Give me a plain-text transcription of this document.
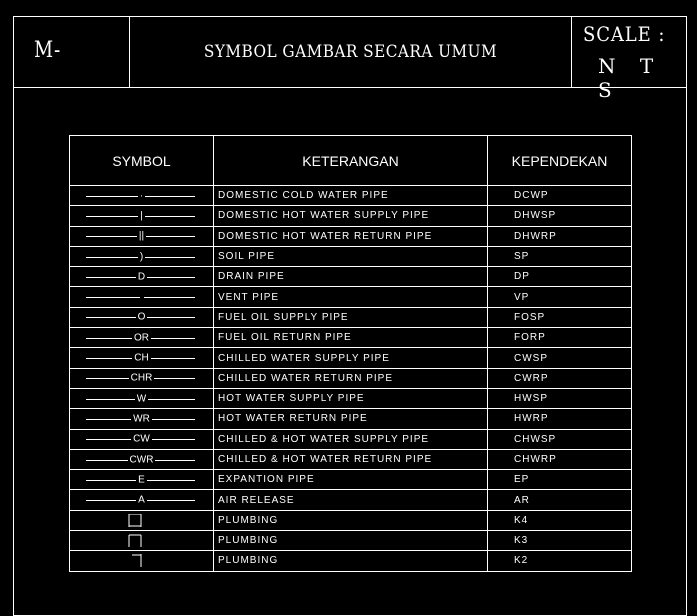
M-	SYMBOL GAMBAR SECARA UMUM
SCALE :
N T S
SYMBOL	KETERANGAN	KEPENDEKAN

·	DOMESTIC COLD WATER PIPE	DCWP

|	DOMESTIC HOT WATER SUPPLY PIPE	DHWSP

||	DOMESTIC HOT WATER RETURN PIPE	DHWRP

)	SOIL PIPE	SP

D	DRAIN PIPE	DP

	VENT PIPE	VP

O	FUEL OIL SUPPLY PIPE	FOSP

OR	FUEL OIL RETURN PIPE	FORP

CH	CHILLED WATER SUPPLY PIPE	CWSP

CHR	CHILLED WATER RETURN PIPE	CWRP

W	HOT WATER SUPPLY PIPE	HWSP

WR	HOT WATER RETURN PIPE	HWRP

CW	CHILLED & HOT WATER SUPPLY PIPE	CHWSP

CWR	CHILLED & HOT WATER RETURN PIPE	CHWRP

E	EXPANTION PIPE	EP

A	AIR RELEASE	AR

	PLUMBING	K4

	PLUMBING	K3

	PLUMBING	K2
